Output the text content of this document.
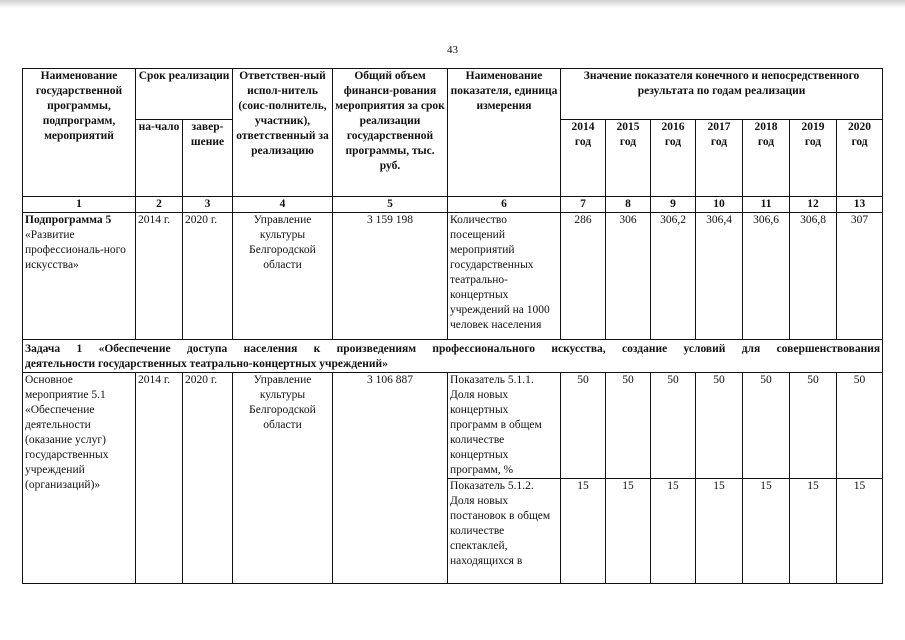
43
Наименование государственной программы, подпрограмм, мероприятий	Срок реализации		Ответствен-ный испол-нитель (соис-полнитель, участник), ответственный за реализацию	Общий объем финанси-рования мероприятия за срок реализации государственной программы, тыс. руб.	Наименование показателя, единица измерения	Значение показателя конечного и непосредственного результата по годам реализации						
	на-чало	завер-шение				2014 год	2015 год	2016 год	2017 год	2018 год	2019 год	2020 год
1	2	3	4	5	6	7	8	9	10	11	12	13
Подпрограмма 5 «Развитие профессиональ-ного искусства»	2014 г.	2020 г.	Управление культуры Белгородской области	3 159 198	Количество посещений мероприятий государственных театрально-концертных учреждений на 1000 человек населения	286	306	306,2	306,4	306,6	306,8	307

Задача 1 «Обеспечение доступа населения к произведениям профессионального искусства, создание условий для совершенствования
деятельности государственных театрально-концертных учреждений»												
Основное мероприятие 5.1 «Обеспечение деятельности (оказание услуг) государственных учреждений (организаций)»	2014 г.	2020 г.	Управление культуры Белгородской области	3 106 887	Показатель 5.1.1. Доля новых концертных программ в общем количестве концертных программ, %	50	50	50	50	50	50	50
					Показатель 5.1.2. Доля новых постановок в общем количестве спектаклей, находящихся в	15	15	15	15	15	15	15
